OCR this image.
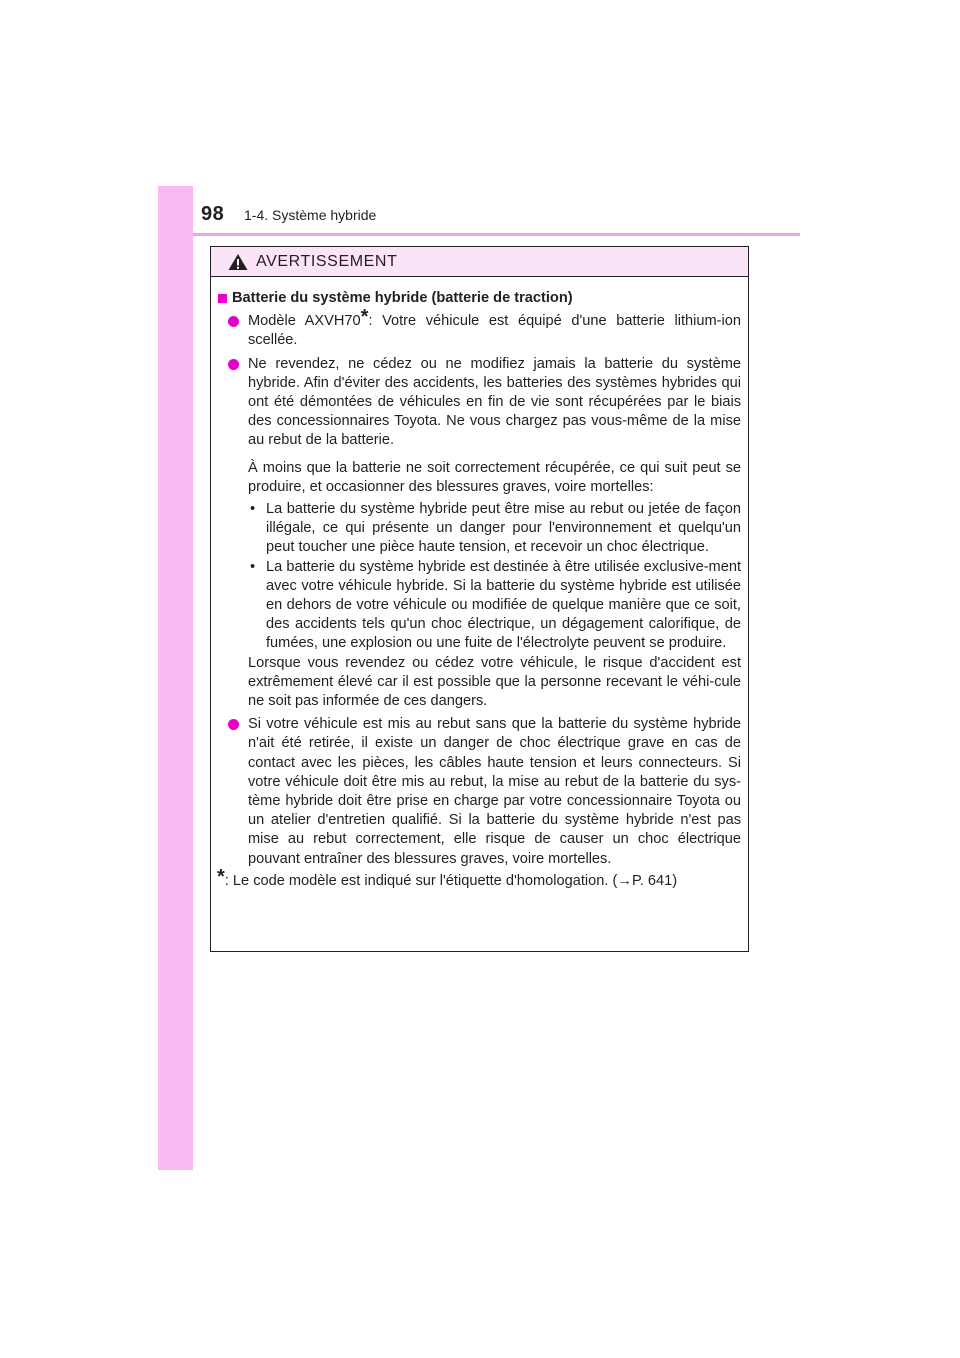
98 1-4. Système hybride
AVERTISSEMENT
Batterie du système hybride (batterie de traction)
Modèle AXVH70*: Votre véhicule est équipé d'une batterie lithium-ion scellée.
Ne revendez, ne cédez ou ne modifiez jamais la batterie du système hybride. Afin d'éviter des accidents, les batteries des systèmes hybrides qui ont été démontées de véhicules en fin de vie sont récupérées par le biais des concessionnaires Toyota. Ne vous chargez pas vous-même de la mise au rebut de la batterie.
À moins que la batterie ne soit correctement récupérée, ce qui suit peut se produire, et occasionner des blessures graves, voire mortelles:
• La batterie du système hybride peut être mise au rebut ou jetée de façon illégale, ce qui présente un danger pour l'environnement et quelqu'un peut toucher une pièce haute tension, et recevoir un choc électrique.
• La batterie du système hybride est destinée à être utilisée exclusive-ment avec votre véhicule hybride. Si la batterie du système hybride est utilisée en dehors de votre véhicule ou modifiée de quelque manière que ce soit, des accidents tels qu'un choc électrique, un dégagement calorifique, de fumées, une explosion ou une fuite de l'électrolyte peuvent se produire.
Lorsque vous revendez ou cédez votre véhicule, le risque d'accident est extrêmement élevé car il est possible que la personne recevant le véhi-cule ne soit pas informée de ces dangers.
Si votre véhicule est mis au rebut sans que la batterie du système hybride n'ait été retirée, il existe un danger de choc électrique grave en cas de contact avec les pièces, les câbles haute tension et leurs connecteurs. Si votre véhicule doit être mis au rebut, la mise au rebut de la batterie du sys-tème hybride doit être prise en charge par votre concessionnaire Toyota ou un atelier d'entretien qualifié. Si la batterie du système hybride n'est pas mise au rebut correctement, elle risque de causer un choc électrique pouvant entraîner des blessures graves, voire mortelles.
* : Le code modèle est indiqué sur l'étiquette d'homologation. (→P. 641)
